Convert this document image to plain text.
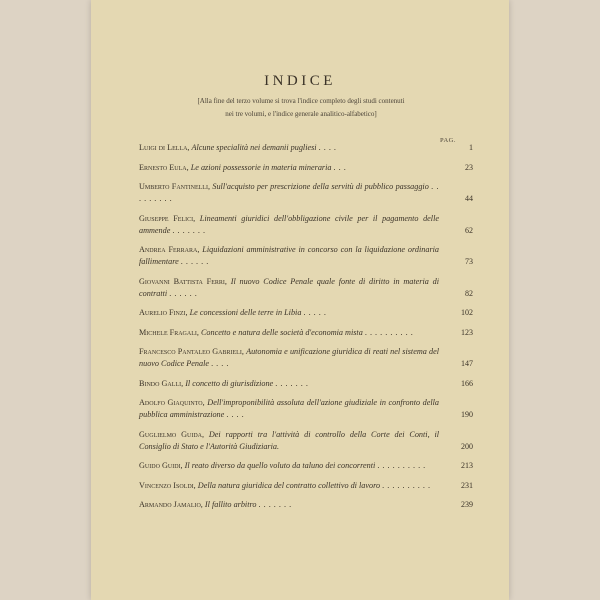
INDICE
[Alla fine del terzo volume si trova l'indice completo degli studi contenuti
nei tre volumi, e l'indice generale analitico-alfabetico]
PAG.
Luigi di Lella, Alcune specialità nei demanii pugliesi . . . .	1
Ernesto Eula, Le azioni possessorie in materia mineraria . . .	23
Umberto Fantinelli, Sull'acquisto per prescrizione della servitù di pubblico passaggio . . . . . . . . .	44
Giuseppe Felici, Lineamenti giuridici dell'obbligazione civile per il pagamento delle ammende . . . . . . .	62
Andrea Ferrara, Liquidazioni amministrative in concorso con la liquidazione ordinaria fallimentare . . . . . .	73
Giovanni Battista Ferri, Il nuovo Codice Penale quale fonte di diritto in materia di contratti . . . . . .	82
Aurelio Finzi, Le concessioni delle terre in Libia . . . . .	102
Michele Fragali, Concetto e natura delle società d'economia mista . . . . . . . . . .	123
Francesco Pantaleo Gabrieli, Autonomia e unificazione giuridica di reati nel sistema del nuovo Codice Penale . . . .	147
Bindo Galli, Il concetto di giurisdizione . . . . . . .	166
Adolfo Giaquinto, Dell'improponibilità assoluta dell'azione giudiziale in confronto della pubblica amministrazione . . . .	190
Guglielmo Guida, Dei rapporti tra l'attività di controllo della Corte dei Conti, il Consiglio di Stato e l'Autorità Giudiziaria.	200
Guido Guidi, Il reato diverso da quello voluto da taluno dei concorrenti . . . . . . . . . .	213
Vincenzo Isoldi, Della natura giuridica del contratto collettivo di lavoro . . . . . . . . . .	231
Armando Jamalio, Il fallito arbitro . . . . . . .	239
